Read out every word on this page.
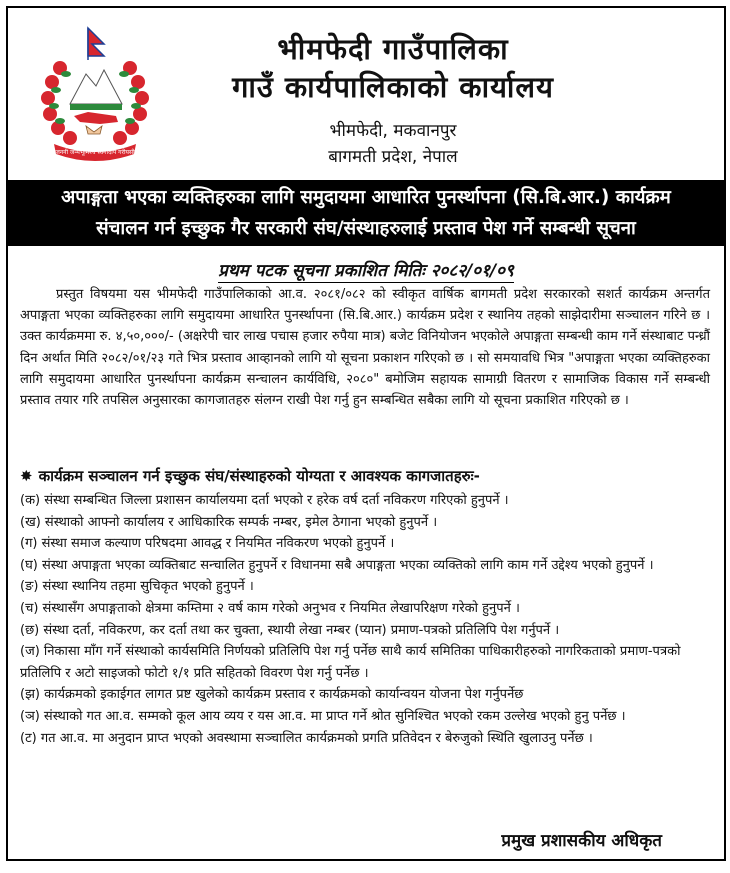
जननी जन्मभूमिश्च स्वर्गादपि गरीयसी
भीमफेदी गाउँपालिका
गाउँ कार्यपालिकाको कार्यालय
भीमफेदी, मकवानपुर
बागमती प्रदेश, नेपाल
अपाङ्गता भएका व्यक्तिहरुका लागि समुदायमा आधारित पुनर्स्थापना (सि.बि.आर.) कार्यक्रम
संचालन गर्न इच्छुक गैर सरकारी संघ/संस्थाहरुलाई प्रस्ताव पेश गर्ने सम्बन्धी सूचना
प्रथम पटक सूचना प्रकाशित मितिः २०८२/०१/०९

प्रस्तुत विषयमा यस भीमफेदी गाउँपालिकाको आ.व. २०८१/०८२ को स्वीकृत वार्षिक बागमती प्रदेश सरकारको सशर्त कार्यक्रम अन्तर्गत अपाङ्गता भएका व्यक्तिहरुका लागि समुदायमा आधारित पुनर्स्थापना (सि.बि.आर.) कार्यक्रम प्रदेश र स्थानिय तहको साझेदारीमा सञ्चालन गरिने छ । उक्त कार्यक्रममा रु. ४,५०,०००/- (अक्षरेपी चार लाख पचास हजार रुपैया मात्र) बजेट विनियोजन भएकोले अपाङ्गता सम्बन्धी काम गर्ने संस्थाबाट पन्ध्रौं दिन अर्थात मिति २०८२/०१/२३ गते भित्र प्रस्ताव आव्हानको लागि यो सूचना प्रकाशन गरिएको छ । सो समयावधि भित्र "अपाङ्गता भएका व्यक्तिहरुका लागि समुदायमा आधारित पुनर्स्थापना कार्यक्रम सन्चालन कार्यविधि, २०८०" बमोजिम सहायक सामाग्री वितरण र सामाजिक विकास गर्ने सम्बन्धी प्रस्ताव तयार गरि तपसिल अनुसारका कागजातहरु संलग्न राखी पेश गर्नु हुन सम्बन्धित सबैका लागि यो सूचना प्रकाशित गरिएको छ ।

✸ कार्यक्रम सञ्चालन गर्न इच्छुक संघ/संस्थाहरुको योग्यता र आवश्यक कागजातहरुः-

(क) संस्था सम्बन्धित जिल्ला प्रशासन कार्यालयमा दर्ता भएको र हरेक वर्ष दर्ता नविकरण गरिएको हुनुपर्ने ।

(ख) संस्थाको आफ्नो कार्यालय र आधिकारिक सम्पर्क नम्बर, इमेल ठेगाना भएको हुनुपर्ने ।

(ग) संस्था समाज कल्याण परिषदमा आवद्ध र नियमित नविकरण भएको हुनुपर्ने ।

(घ) संस्था अपाङ्गता भएका व्यक्तिबाट सन्चालित हुनुपर्ने र विधानमा सबै अपाङ्गता भएका व्यक्तिको लागि काम गर्ने उद्देश्य भएको हुनुपर्ने ।

(ङ) संस्था स्थानिय तहमा सुचिकृत भएको हुनुपर्ने ।

(च) संस्थासँग अपाङ्गताको क्षेत्रमा कम्तिमा २ वर्ष काम गरेको अनुभव र नियमित लेखापरिक्षण गरेको हुनुपर्ने ।

(छ) संस्था दर्ता, नविकरण, कर दर्ता तथा कर चुक्ता, स्थायी लेखा नम्बर (प्यान) प्रमाण-पत्रको प्रतिलिपि पेश गर्नुपर्ने ।

(ज) निकासा माँग गर्ने संस्थाको कार्यसमिति निर्णयको प्रतिलिपि पेश गर्नु पर्नेछ साथै कार्य समितिका पाधिकारीहरुको नागरिकताको प्रमाण-पत्रको प्रतिलिपि र अटो साइजको फोटो १/१ प्रति सहितको विवरण पेश गर्नु पर्नेछ ।

(झ) कार्यक्रमको इकाईगत लागत प्रष्ट खुलेको कार्यक्रम प्रस्ताव र कार्यक्रमको कार्यान्वयन योजना पेश गर्नुपर्नेछ

(ञ) संस्थाको गत आ.व. सम्मको कूल आय व्यय र यस आ.व. मा प्राप्त गर्ने श्रोत सुनिश्चित भएको रकम उल्लेख भएको हुनु पर्नेछ ।

(ट) गत आ.व. मा अनुदान प्राप्त भएको अवस्थामा सञ्चालित कार्यक्रमको प्रगति प्रतिवेदन र बेरुजुको स्थिति खुलाउनु पर्नेछ ।

प्रमुख प्रशासकीय अधिकृत
